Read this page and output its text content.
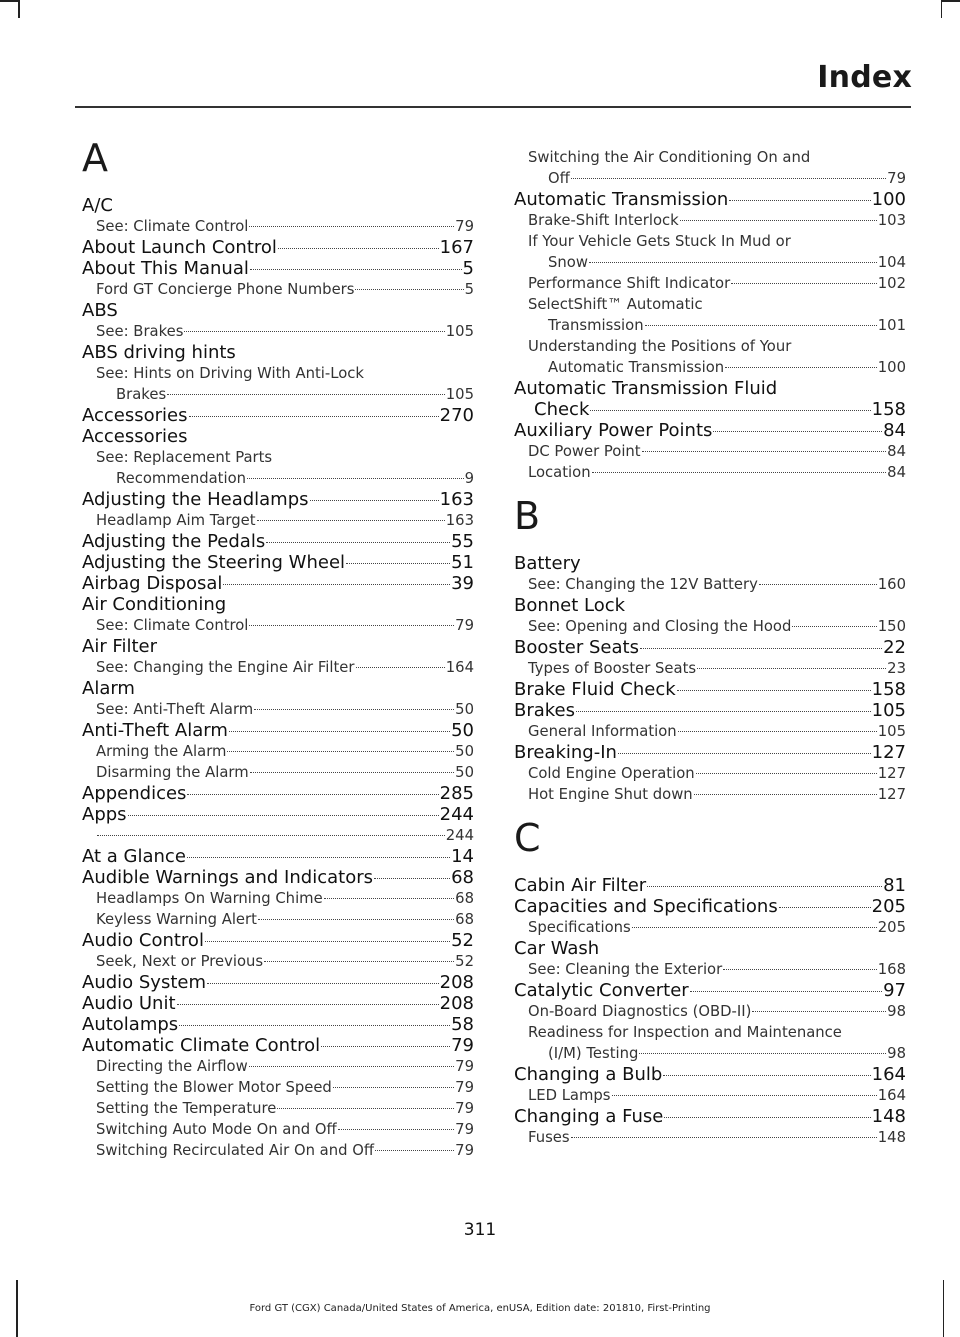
Index
A
A/C
See: Climate Control	79
About Launch Control	167
About This Manual	5
Ford GT Concierge Phone Numbers	5
ABS
See: Brakes	105
ABS driving hints
See: Hints on Driving With Anti-Lock
Brakes	105
Accessories	270
Accessories
See: Replacement Parts
Recommendation	9
Adjusting the Headlamps	163
Headlamp Aim Target	163
Adjusting the Pedals	55
Adjusting the Steering Wheel	51
Airbag Disposal	39
Air Conditioning
See: Climate Control	79
Air Filter
See: Changing the Engine Air Filter	164
Alarm
See: Anti-Theft Alarm	50
Anti-Theft Alarm	50
Arming the Alarm	50
Disarming the Alarm	50
Appendices	285
Apps	244
244
At a Glance	14
Audible Warnings and Indicators	68
Headlamps On Warning Chime	68
Keyless Warning Alert	68
Audio Control	52
Seek, Next or Previous	52
Audio System	208
Audio Unit	208
Autolamps	58
Automatic Climate Control	79
Directing the Airflow	79
Setting the Blower Motor Speed	79
Setting the Temperature	79
Switching Auto Mode On and Off	79
Switching Recirculated Air On and Off	79
Switching the Air Conditioning On and
Off	79
Automatic Transmission	100
Brake-Shift Interlock	103
If Your Vehicle Gets Stuck In Mud or
Snow	104
Performance Shift Indicator	102
SelectShift™ Automatic
Transmission	101
Understanding the Positions of Your
Automatic Transmission	100
Automatic Transmission Fluid
Check	158
Auxiliary Power Points	84
DC Power Point	84
Location	84
B
Battery
See: Changing the 12V Battery	160
Bonnet Lock
See: Opening and Closing the Hood	150
Booster Seats	22
Types of Booster Seats	23
Brake Fluid Check	158
Brakes	105
General Information	105
Breaking-In	127
Cold Engine Operation	127
Hot Engine Shut down	127
C
Cabin Air Filter	81
Capacities and Specifications	205
Specifications	205
Car Wash
See: Cleaning the Exterior	168
Catalytic Converter	97
On-Board Diagnostics (OBD-II)	98
Readiness for Inspection and Maintenance
(I/M) Testing	98
Changing a Bulb	164
LED Lamps	164
Changing a Fuse	148
Fuses	148
311
Ford GT (CGX) Canada/United States of America, enUSA, Edition date: 201810, First-Printing
